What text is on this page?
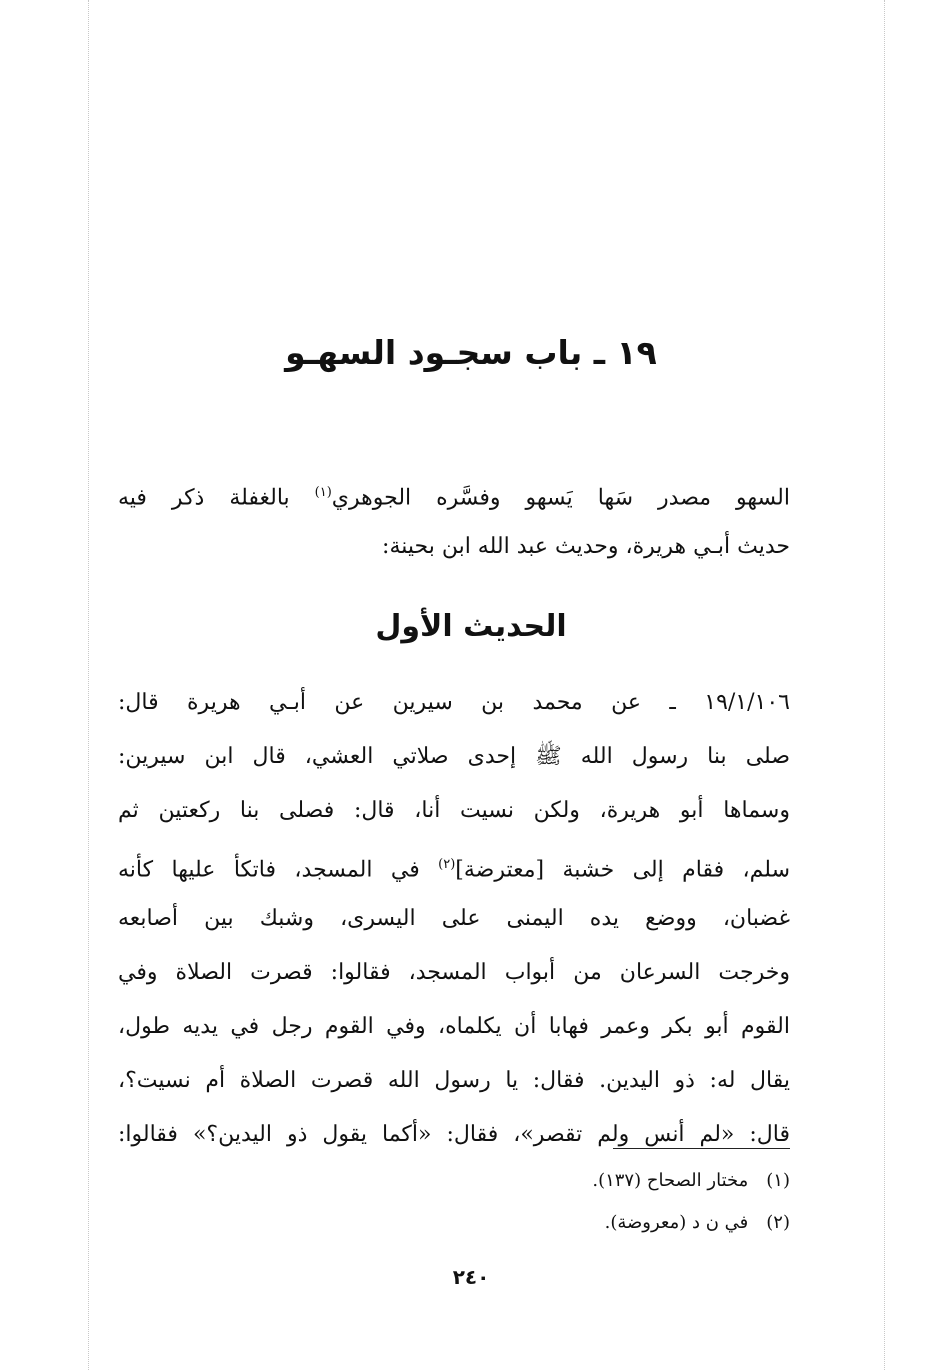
١٩ ـ باب سجـود السهـو
السهو مصدر سَها يَسهو وفسَّره الجوهري$^{(١)}$ بالغفلة ذكر فيه
حديث أبـي هريرة، وحديث عبد الله ابن بحينة:
الحديث الأول
١٩/١/١٠٦ ـ عن محمد بن سيرين عن أبـي هريرة قال:
صلى بنا رسول الله ﷺ إحدى صلاتي العشي، قال ابن سيرين:
وسماها أبو هريرة، ولكن نسيت أنا، قال: فصلى بنا ركعتين ثم
سلم، فقام إلى خشبة [معترضة]$^{(٢)}$ في المسجد، فاتكأ عليها كأنه
غضبان، ووضع يده اليمنى على اليسرى، وشبك بين أصابعه
وخرجت السرعان من أبواب المسجد، فقالوا: قصرت الصلاة وفي
القوم أبو بكر وعمر فهابا أن يكلماه، وفي القوم رجل في يديه طول،
يقال له: ذو اليدين. فقال: يا رسول الله قصرت الصلاة أم نسيت؟،
قال: «لم أنس ولم تقصر»، فقال: «أكما يقول ذو اليدين؟» فقالوا:
(١)مختار الصحاح (١٣٧).
(٢)في ن د (معروضة).
٢٤٠
